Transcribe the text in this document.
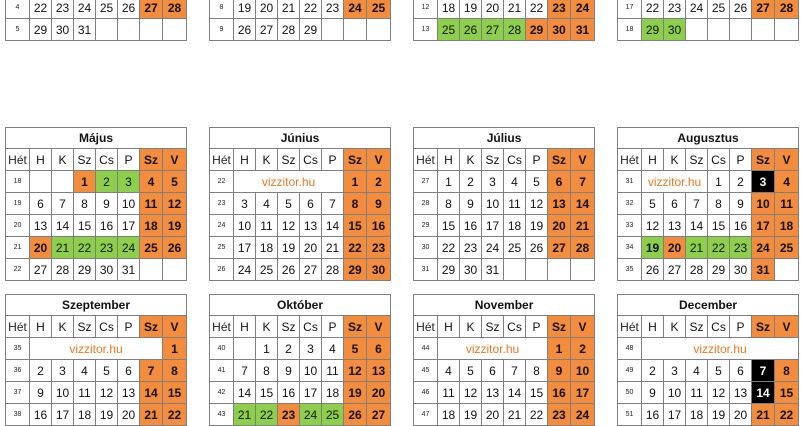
4	22	23	24	25	26	27	28
5	29	30	31				

8	19	20	21	22	23	24	25	
9	26	27	28	29				

12	18	19	20	21	22	23	24
13	25	26	27	28	29	30	31

17	22	23	24	25	26	27	28
18	29	30					
Május							
Hét	H	K	Sz	Cs	P	Sz	V
18			1	2	3	4	5
19	6	7	8	9	10	11	12
20	13	14	15	16	17	18	19
21	20	21	22	23	24	25	26
22	27	28	29	30	31		
Június							
Hét	H	K	Sz	Cs	P	Sz	V
22	vizzitor.hu					1	2
23	3	4	5	6	7	8	9
24	10	11	12	13	14	15	16
25	17	18	19	20	21	22	23
26	24	25	26	27	28	29	30
Július							
Hét	H	K	Sz	Cs	P	Sz	V
27	1	2	3	4	5	6	7
28	8	9	10	11	12	13	14
29	15	16	17	18	19	20	21
30	22	23	24	25	26	27	28
31	29	30	31				
Augusztus							
Hét	H	K	Sz	Cs	P	Sz	V
31	vizzitor.hu			1	2	3	4
32	5	6	7	8	9	10	11
33	12	13	14	15	16	17	18
34	19	20	21	22	23	24	25
35	26	27	28	29	30	31	
Szeptember							
Hét	H	K	Sz	Cs	P	Sz	V
35	vizzitor.hu						1
36	2	3	4	5	6	7	8
37	9	10	11	12	13	14	15
38	16	17	18	19	20	21	22
Október							
Hét	H	K	Sz	Cs	P	Sz	V
40		1	2	3	4	5	6
41	7	8	9	10	11	12	13
42	14	15	16	17	18	19	20
43	21	22	23	24	25	26	27
November								
Hét	H	K	Sz	Cs	P	Sz	V	
44	vizzitor.hu					1	2	
45	4	5	6	7	8	9	10	
46	11	12	13	14	15	16	17	
47	18	19	20	21	22	23	24	
December								
Hét	H	K	Sz	Cs	P	Sz	V	
48	vizzitor.hu	
49	2	3	4	5	6	7	8	
50	9	10	11	12	13	14	15	
51	16	17	18	19	20	21	22	
